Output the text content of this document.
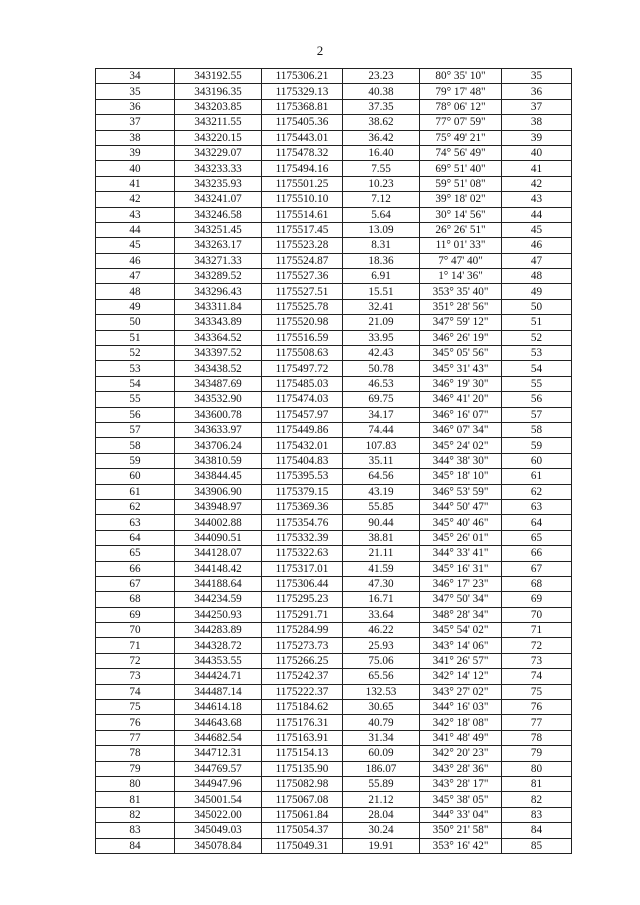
2
34	343192.55	1175306.21	23.23	80° 35' 10"	35
35	343196.35	1175329.13	40.38	79° 17' 48"	36
36	343203.85	1175368.81	37.35	78° 06' 12"	37
37	343211.55	1175405.36	38.62	77° 07' 59"	38
38	343220.15	1175443.01	36.42	75° 49' 21"	39
39	343229.07	1175478.32	16.40	74° 56' 49"	40
40	343233.33	1175494.16	7.55	69° 51' 40"	41
41	343235.93	1175501.25	10.23	59° 51' 08"	42
42	343241.07	1175510.10	7.12	39° 18' 02"	43
43	343246.58	1175514.61	5.64	30° 14' 56"	44
44	343251.45	1175517.45	13.09	26° 26' 51"	45
45	343263.17	1175523.28	8.31	11° 01' 33"	46
46	343271.33	1175524.87	18.36	7° 47' 40"	47
47	343289.52	1175527.36	6.91	1° 14' 36"	48
48	343296.43	1175527.51	15.51	353° 35' 40"	49
49	343311.84	1175525.78	32.41	351° 28' 56"	50
50	343343.89	1175520.98	21.09	347° 59' 12"	51
51	343364.52	1175516.59	33.95	346° 26' 19"	52
52	343397.52	1175508.63	42.43	345° 05' 56"	53
53	343438.52	1175497.72	50.78	345° 31' 43"	54
54	343487.69	1175485.03	46.53	346° 19' 30"	55
55	343532.90	1175474.03	69.75	346° 41' 20"	56
56	343600.78	1175457.97	34.17	346° 16' 07"	57
57	343633.97	1175449.86	74.44	346° 07' 34"	58
58	343706.24	1175432.01	107.83	345° 24' 02"	59
59	343810.59	1175404.83	35.11	344° 38' 30"	60
60	343844.45	1175395.53	64.56	345° 18' 10"	61
61	343906.90	1175379.15	43.19	346° 53' 59"	62
62	343948.97	1175369.36	55.85	344° 50' 47"	63
63	344002.88	1175354.76	90.44	345° 40' 46"	64
64	344090.51	1175332.39	38.81	345° 26' 01"	65
65	344128.07	1175322.63	21.11	344° 33' 41"	66
66	344148.42	1175317.01	41.59	345° 16' 31"	67
67	344188.64	1175306.44	47.30	346° 17' 23"	68
68	344234.59	1175295.23	16.71	347° 50' 34"	69
69	344250.93	1175291.71	33.64	348° 28' 34"	70
70	344283.89	1175284.99	46.22	345° 54' 02"	71
71	344328.72	1175273.73	25.93	343° 14' 06"	72
72	344353.55	1175266.25	75.06	341° 26' 57"	73
73	344424.71	1175242.37	65.56	342° 14' 12"	74
74	344487.14	1175222.37	132.53	343° 27' 02"	75
75	344614.18	1175184.62	30.65	344° 16' 03"	76
76	344643.68	1175176.31	40.79	342° 18' 08"	77
77	344682.54	1175163.91	31.34	341° 48' 49"	78
78	344712.31	1175154.13	60.09	342° 20' 23"	79
79	344769.57	1175135.90	186.07	343° 28' 36"	80
80	344947.96	1175082.98	55.89	343° 28' 17"	81
81	345001.54	1175067.08	21.12	345° 38' 05"	82
82	345022.00	1175061.84	28.04	344° 33' 04"	83
83	345049.03	1175054.37	30.24	350° 21' 58"	84
84	345078.84	1175049.31	19.91	353° 16' 42"	85
